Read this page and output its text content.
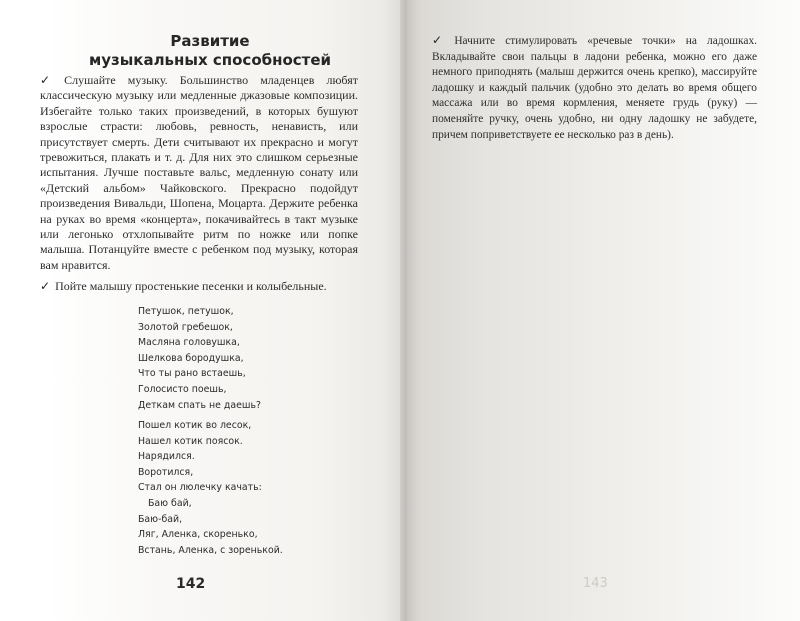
Развитие
музыкальных способностей

✓ Слушайте музыку. Большинство младенцев любят классическую музыку или медленные джазовые композиции. Избегайте только таких произведений, в которых бушуют взрослые страсти: любовь, ревность, ненависть, или присутствует смерть. Дети считывают их прекрасно и могут тревожиться, плакать и т. д. Для них это слишком серьезные испытания. Лучше поставьте вальс, медленную сонату или «Детский альбом» Чайковского. Прекрасно подойдут произведения Вивальди, Шопена, Моцарта. Держите ребенка на руках во время «концерта», покачивайтесь в такт музыке или легонько отхлопывайте ритм по ножке или попке малыша. Потанцуйте вместе с ребенком под музыку, которая вам нравится.

✓ Пойте малышу простенькие песенки и колыбельные.

Петушок, петушок,
Золотой гребешок,
Масляна головушка,
Шелкова бородушка,
Что ты рано встаешь,
Голосисто поешь,
Деткам спать не даешь?
Пошел котик во лесок,
Нашел котик поясок.
Нарядился.
Воротился,
Стал он люлечку качать:
Баю бай,
Баю-бай,
Ляг, Аленка, скоренько,
Встань, Аленка, с зоренькой.

142

✓ Начните стимулировать «речевые точки» на ладошках. Вкладывайте свои пальцы в ладони ребенка, можно его даже немного приподнять (малыш держится очень крепко), массируйте ладошку и каждый пальчик (удобно это делать во время общего массажа или во время кормления, меняете грудь (руку) — поменяйте ручку, очень удобно, ни одну ладошку не забудете, причем поприветствуете ее несколько раз в день).

143
